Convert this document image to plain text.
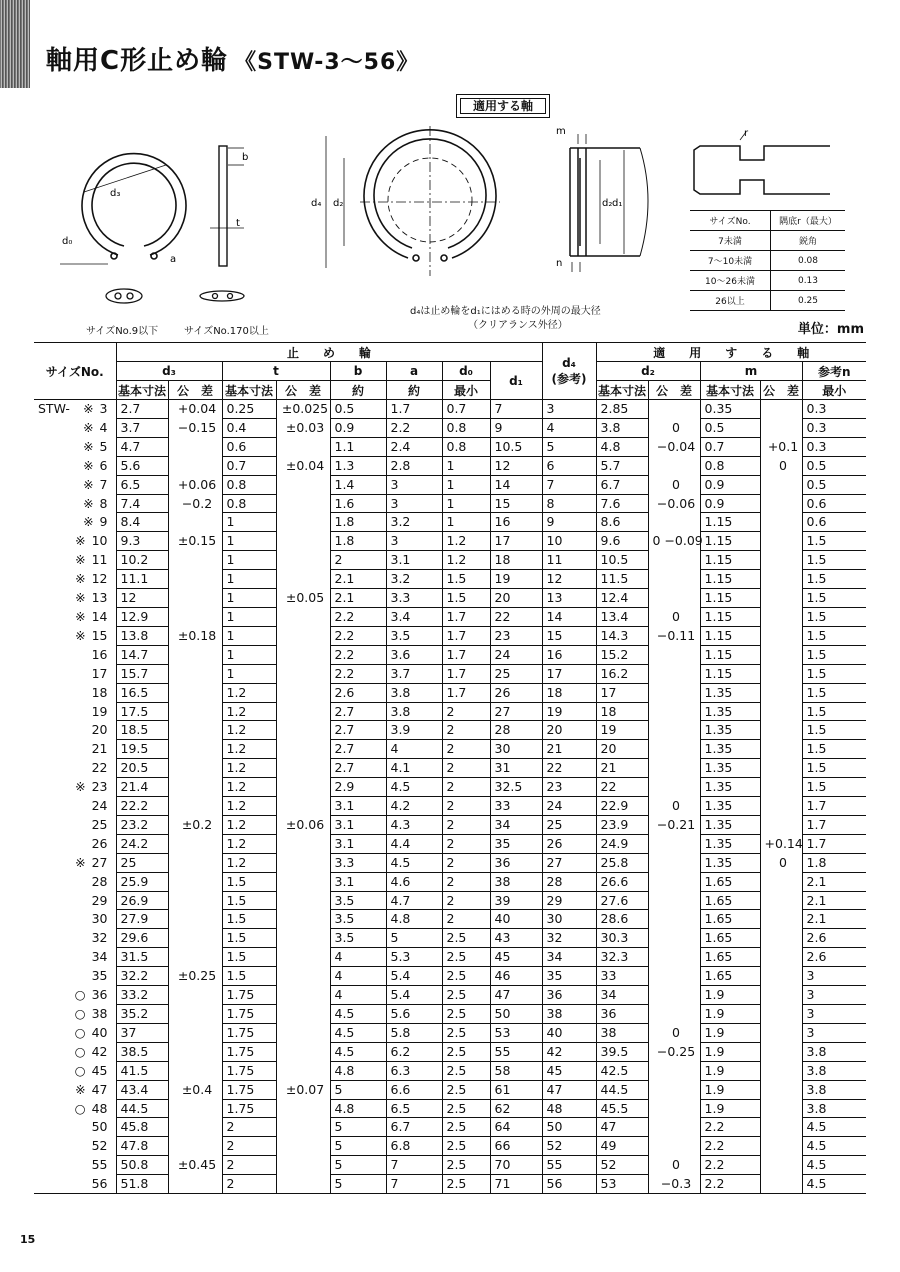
軸用C形止め輪 《STW-3～56》
適用する軸
d₃
d₀
a
b
t
d₄ d₂
m
n
d₂ d₁
r
サイズNo.9以下	サイズNo.170以上
d₄は止め輪をd₁にはめる時の外周の最大径
（クリアランス外径）
サイズNo.	隅底r（最大）
7未満	鋭角
7～10未満	0.08
10～26未満	0.13
26以上	0.25
単位：mm
サイズNo.	止　　め　　輪								d₄
(参考)	適　　用　　す　　る　　軸				
	d₃		t		b	a	d₀	d₁		d₂		m		参考n
	基本寸法	公　差	基本寸法	公　差	約	約	最小			基本寸法	公　差	基本寸法	公　差	最小

STW- ※ 3	2.7	+0.04	0.25	±0.025	0.5	1.7	0.7	7	3	2.85		0.35		0.3

※ 4	3.7	−0.15	0.4	±0.03	0.9	2.2	0.8	9	4	3.8	0	0.5		0.3

※ 5	4.7		0.6		1.1	2.4	0.8	10.5	5	4.8	−0.04	0.7	+0.1	0.3

※ 6	5.6		0.7	±0.04	1.3	2.8	1	12	6	5.7		0.8	0	0.5

※ 7	6.5	+0.06	0.8		1.4	3	1	14	7	6.7	0	0.9		0.5

※ 8	7.4	−0.2	0.8		1.6	3	1	15	8	7.6	−0.06	0.9		0.6

※ 9	8.4		1		1.8	3.2	1	16	9	8.6		1.15		0.6

※ 10	9.3	±0.15	1		1.8	3	1.2	17	10	9.6	0 −0.09	1.15		1.5

※ 11	10.2		1		2	3.1	1.2	18	11	10.5		1.15		1.5

※ 12	11.1		1		2.1	3.2	1.5	19	12	11.5		1.15		1.5

※ 13	12		1	±0.05	2.1	3.3	1.5	20	13	12.4		1.15		1.5

※ 14	12.9		1		2.2	3.4	1.7	22	14	13.4	0	1.15		1.5

※ 15	13.8	±0.18	1		2.2	3.5	1.7	23	15	14.3	−0.11	1.15		1.5

16	14.7		1		2.2	3.6	1.7	24	16	15.2		1.15		1.5

17	15.7		1		2.2	3.7	1.7	25	17	16.2		1.15		1.5

18	16.5		1.2		2.6	3.8	1.7	26	18	17		1.35		1.5

19	17.5		1.2		2.7	3.8	2	27	19	18		1.35		1.5

20	18.5		1.2		2.7	3.9	2	28	20	19		1.35		1.5

21	19.5		1.2		2.7	4	2	30	21	20		1.35		1.5

22	20.5		1.2		2.7	4.1	2	31	22	21		1.35		1.5

※ 23	21.4		1.2		2.9	4.5	2	32.5	23	22		1.35		1.5

24	22.2		1.2		3.1	4.2	2	33	24	22.9	0	1.35		1.7

25	23.2	±0.2	1.2	±0.06	3.1	4.3	2	34	25	23.9	−0.21	1.35		1.7

26	24.2		1.2		3.1	4.4	2	35	26	24.9		1.35	+0.14	1.7

※ 27	25		1.2		3.3	4.5	2	36	27	25.8		1.35	0	1.8

28	25.9		1.5		3.1	4.6	2	38	28	26.6		1.65		2.1

29	26.9		1.5		3.5	4.7	2	39	29	27.6		1.65		2.1

30	27.9		1.5		3.5	4.8	2	40	30	28.6		1.65		2.1

32	29.6		1.5		3.5	5	2.5	43	32	30.3		1.65		2.6

34	31.5		1.5		4	5.3	2.5	45	34	32.3		1.65		2.6

35	32.2	±0.25	1.5		4	5.4	2.5	46	35	33		1.65		3

○ 36	33.2		1.75		4	5.4	2.5	47	36	34		1.9		3

○ 38	35.2		1.75		4.5	5.6	2.5	50	38	36		1.9		3

○ 40	37		1.75		4.5	5.8	2.5	53	40	38	0	1.9		3

○ 42	38.5		1.75		4.5	6.2	2.5	55	42	39.5	−0.25	1.9		3.8

○ 45	41.5		1.75		4.8	6.3	2.5	58	45	42.5		1.9		3.8

※ 47	43.4	±0.4	1.75	±0.07	5	6.6	2.5	61	47	44.5		1.9		3.8

○ 48	44.5		1.75		4.8	6.5	2.5	62	48	45.5		1.9		3.8

50	45.8		2		5	6.7	2.5	64	50	47		2.2		4.5

52	47.8		2		5	6.8	2.5	66	52	49		2.2		4.5

55	50.8	±0.45	2		5	7	2.5	70	55	52	0	2.2		4.5

56	51.8		2		5	7	2.5	71	56	53	−0.3	2.2		4.5
15
